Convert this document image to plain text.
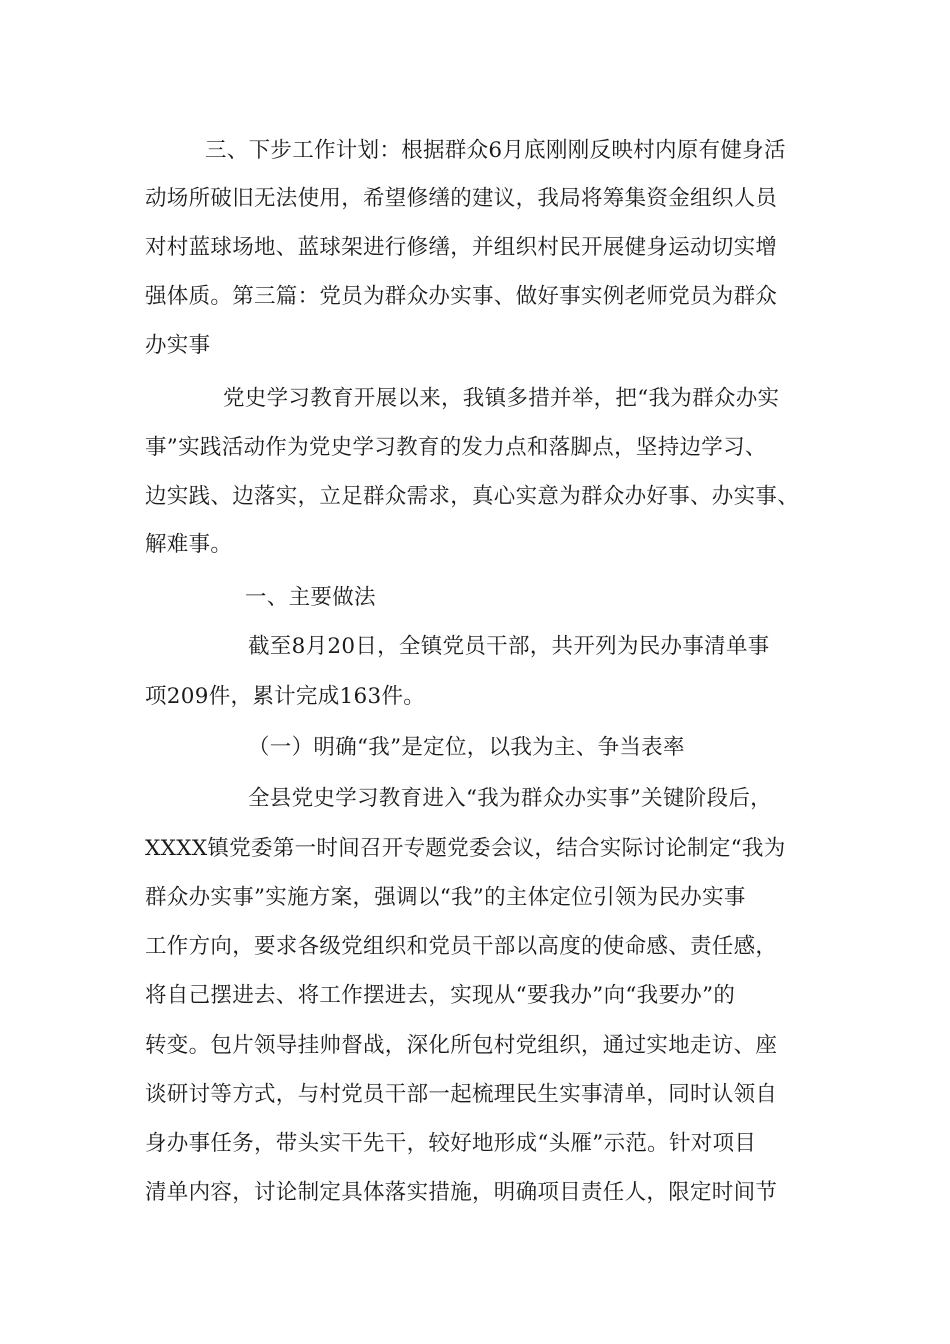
三、下步工作计划：根据群众6月底刚刚反映村内原有健身活
动场所破旧无法使用，希望修缮的建议，我局将筹集资金组织人员
对村蓝球场地、蓝球架进行修缮，并组织村民开展健身运动切实增
强体质。第三篇：党员为群众办实事、做好事实例老师党员为群众
办实事
党史学习教育开展以来，我镇多措并举，把“我为群众办实
事”实践活动作为党史学习教育的发力点和落脚点，坚持边学习、
边实践、边落实，立足群众需求，真心实意为群众办好事、办实事、
解难事。
一、主要做法
截至8月20日，全镇党员干部，共开列为民办事清单事
项209件，累计完成163件。
（一）明确“我”是定位，以我为主、争当表率
全县党史学习教育进入“我为群众办实事”关键阶段后，
XXXX镇党委第一时间召开专题党委会议，结合实际讨论制定“我为
群众办实事”实施方案，强调以“我”的主体定位引领为民办实事
工作方向，要求各级党组织和党员干部以高度的使命感、责任感，
将自己摆进去、将工作摆进去，实现从“要我办”向“我要办”的
转变。包片领导挂帅督战，深化所包村党组织，通过实地走访、座
谈研讨等方式，与村党员干部一起梳理民生实事清单，同时认领自
身办事任务，带头实干先干，较好地形成“头雁”示范。针对项目
清单内容，讨论制定具体落实措施，明确项目责任人，限定时间节
